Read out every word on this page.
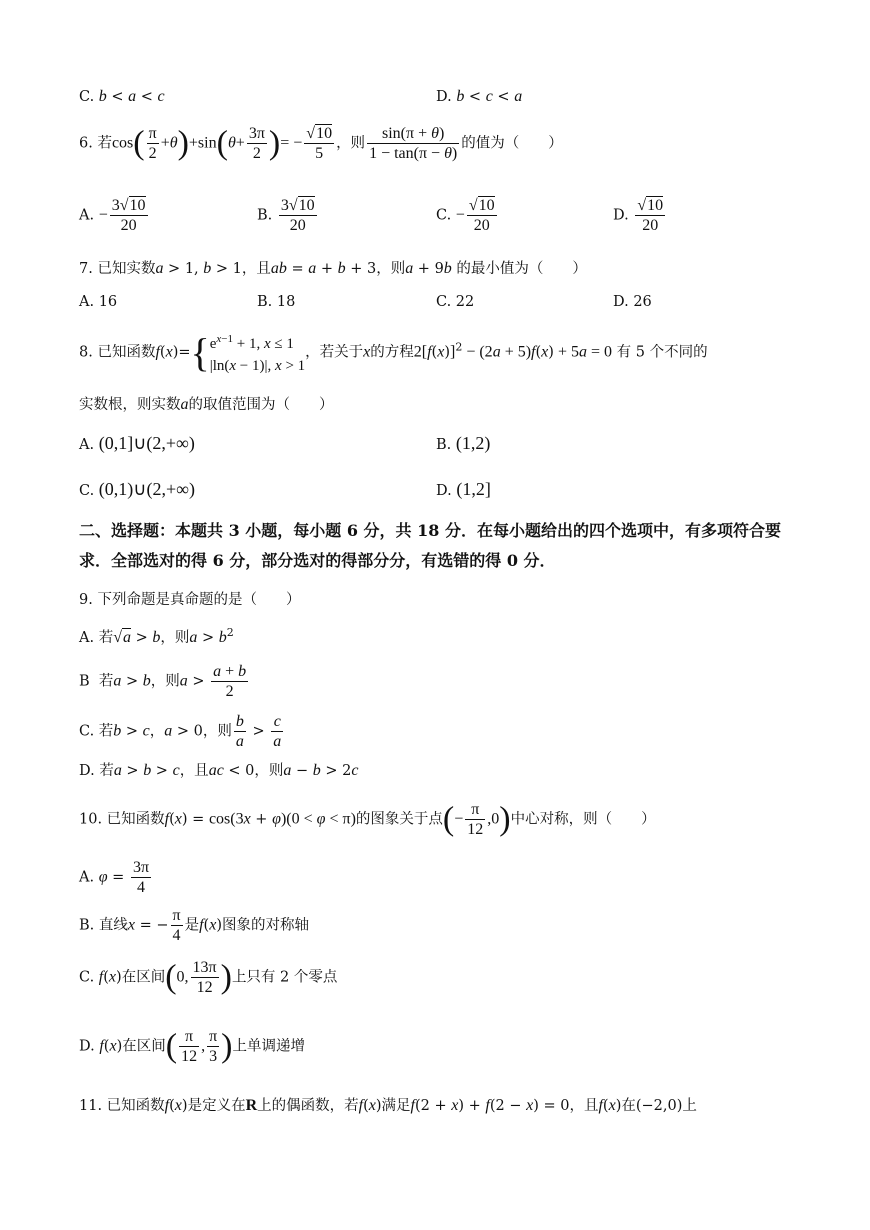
C. b < a < c	D. b < c < a
6. 若$\cos( \frac{\pi}{2} +\theta)+\sin(\theta+ \frac{3\pi}{2}$ )= − $\frac{√10}{5}$ ，则 $\frac{\sin(\pi + \theta)}{1 - \tan(\pi - \theta)}$ 的值为（　　）
A. − $\frac{3√10}{20}$	B. $\frac{3√10}{20}$	C. − $\frac{√10}{20}$	D. $\frac{√10}{20}$
7. 已知实数a > 1, b > 1，且ab = a + b + 3，则a + 9b 的最小值为（　　）
A. 16	B. 18	C. 22	D. 26
8. 已知函数$f(x)=\{e^{x-1} + 1$, x ≤ 1
|ln(x − 1)|, x > 1，若关于x的方程$2[f(x)]^2 - (2a + 5)f(x) + 5a = 0$ 有 5 个不同的
实数根，则实数a的取值范围为（　　）
A. (0,1]∪(2,+∞)	B. (1,2)
C. (0,1)∪(2,+∞)	D. (1,2]
二、选择题：本题共 3 小题，每小题 6 分，共 18 分．在每小题给出的四个选项中，有多项符合要求．全部选对的得 6 分，部分选对的得部分分，有选错的得 0 分．
9. 下列命题是真命题的是（　　）
A. 若√a > b，则$a > b^2$
B 若a > b，则$a > \frac{a + b}{2}$
C. 若b > c，a > 0，则 $\frac{b}{a} > \frac{c}{a}$
D. 若a > b > c，且ac < 0，则a − b > 2c
10. 已知函数f(x) = cos(3x + φ)(0 < φ < π)的图象关于点(− $\frac{\pi}{12} ,0$)中心对称，则（　　）
A. $\varphi = \frac{3\pi}{4}$
B. 直线x = − $\frac{\pi}{4}$ 是f(x)图象的对称轴
C. f(x)在区间(0, $\frac{13\pi}{12}$ )上只有 2 个零点
D. f(x)在区间( $\frac{\pi}{12}$ , $\frac{\pi}{3}$ )上单调递增
11. 已知函数f(x)是定义在R上的偶函数，若f(x)满足f(2 + x) + f(2 − x) = 0，且f(x)在(−2,0)上
